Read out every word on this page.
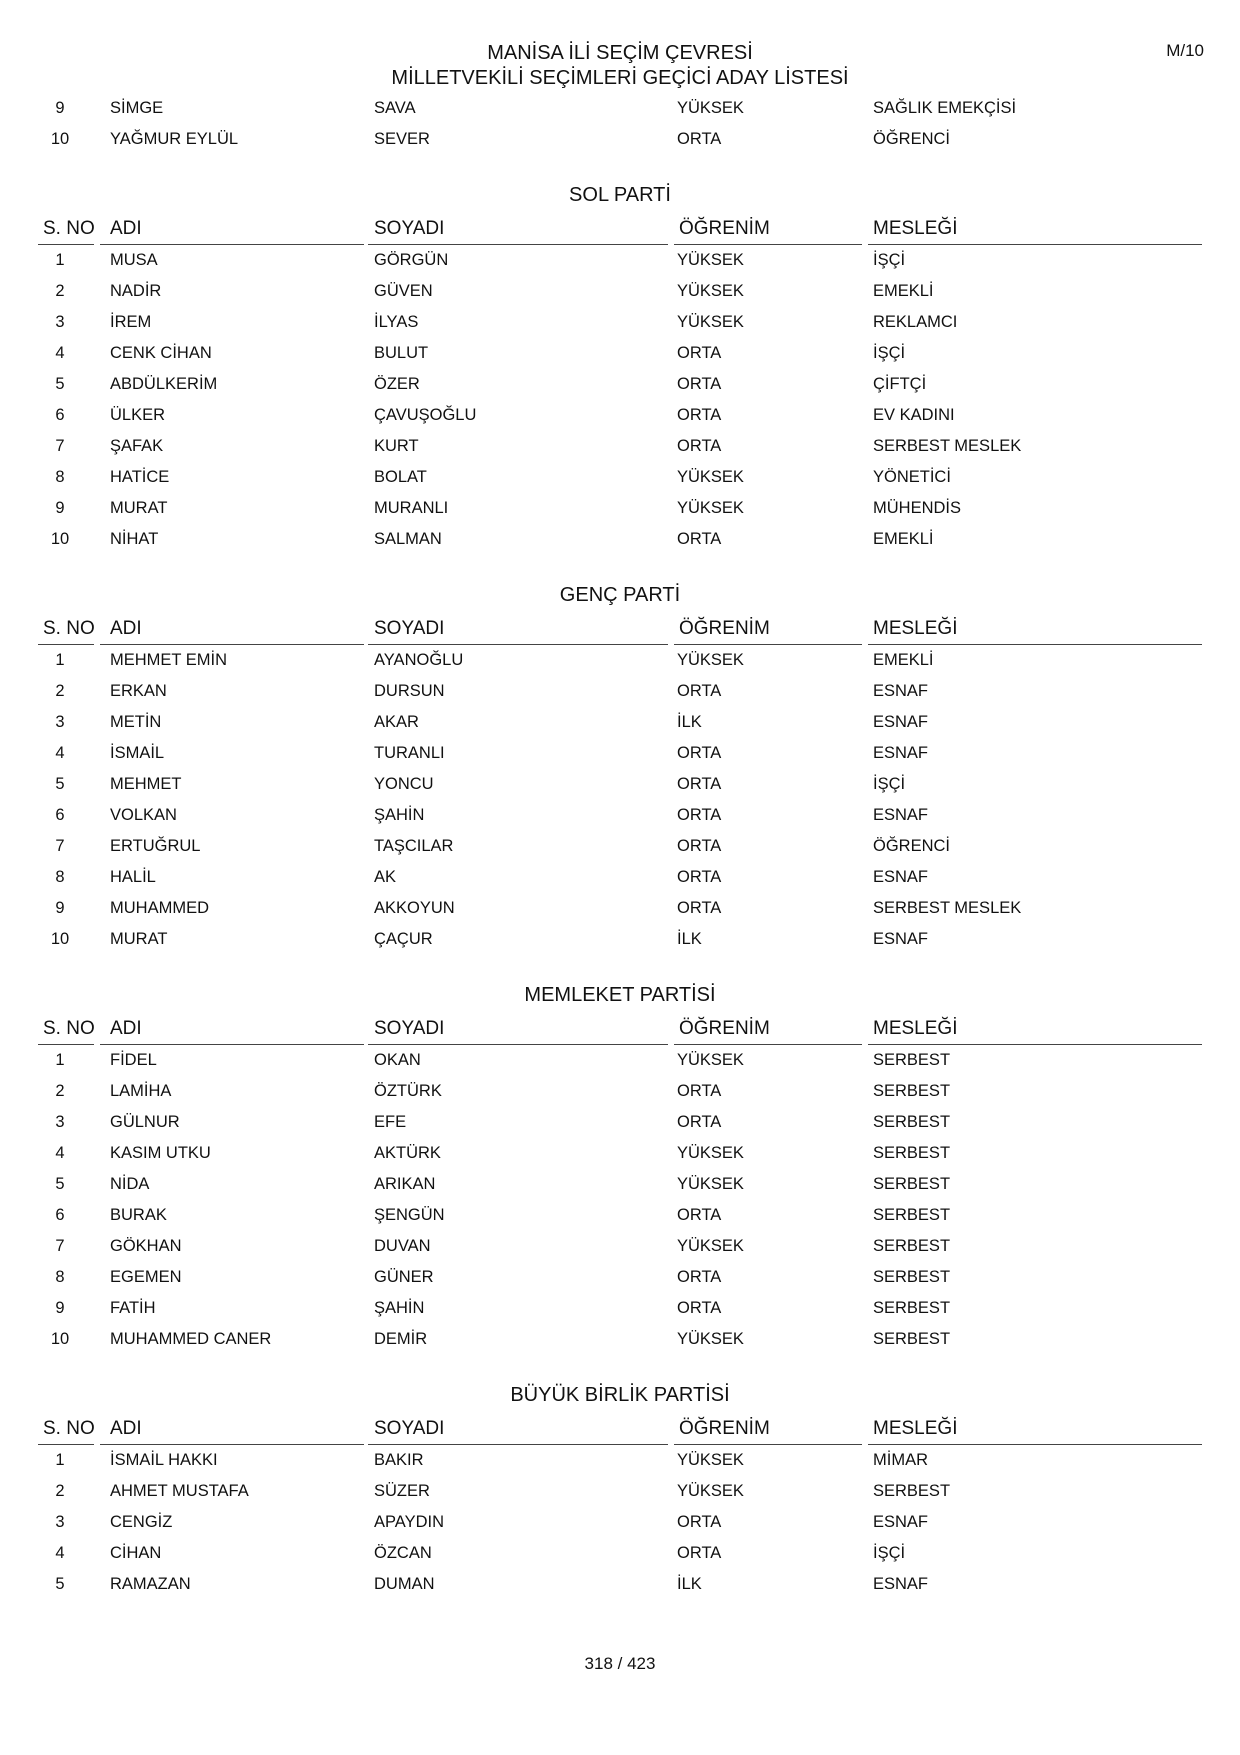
MANİSA İLİ SEÇİM ÇEVRESİ
MİLLETVEKİLİ SEÇİMLERİ GEÇİCİ ADAY LİSTESİ
M/10
9	SİMGE	SAVA	YÜKSEK	SAĞLIK EMEKÇİSİ
10	YAĞMUR EYLÜL	SEVER	ORTA	ÖĞRENCİ
SOL PARTİ
S. NO ADI	SOYADI	ÖĞRENİM	MESLEĞİ
1	MUSA	GÖRGÜN	YÜKSEK	İŞÇİ
2	NADİR	GÜVEN	YÜKSEK	EMEKLİ
3	İREM	İLYAS	YÜKSEK	REKLAMCI
4	CENK CİHAN	BULUT	ORTA	İŞÇİ
5	ABDÜLKERİM	ÖZER	ORTA	ÇİFTÇİ
6	ÜLKER	ÇAVUŞOĞLU	ORTA	EV KADINI
7	ŞAFAK	KURT	ORTA	SERBEST MESLEK
8	HATİCE	BOLAT	YÜKSEK	YÖNETİCİ
9	MURAT	MURANLI	YÜKSEK	MÜHENDİS
10	NİHAT	SALMAN	ORTA	EMEKLİ
GENÇ PARTİ
S. NO ADI	SOYADI	ÖĞRENİM	MESLEĞİ
1	MEHMET EMİN	AYANOĞLU	YÜKSEK	EMEKLİ
2	ERKAN	DURSUN	ORTA	ESNAF
3	METİN	AKAR	İLK	ESNAF
4	İSMAİL	TURANLI	ORTA	ESNAF
5	MEHMET	YONCU	ORTA	İŞÇİ
6	VOLKAN	ŞAHİN	ORTA	ESNAF
7	ERTUĞRUL	TAŞCILAR	ORTA	ÖĞRENCİ
8	HALİL	AK	ORTA	ESNAF
9	MUHAMMED	AKKOYUN	ORTA	SERBEST MESLEK
10	MURAT	ÇAÇUR	İLK	ESNAF
MEMLEKET PARTİSİ
S. NO ADI	SOYADI	ÖĞRENİM	MESLEĞİ
1	FİDEL	OKAN	YÜKSEK	SERBEST
2	LAMİHA	ÖZTÜRK	ORTA	SERBEST
3	GÜLNUR	EFE	ORTA	SERBEST
4	KASIM UTKU	AKTÜRK	YÜKSEK	SERBEST
5	NİDA	ARIKAN	YÜKSEK	SERBEST
6	BURAK	ŞENGÜN	ORTA	SERBEST
7	GÖKHAN	DUVAN	YÜKSEK	SERBEST
8	EGEMEN	GÜNER	ORTA	SERBEST
9	FATİH	ŞAHİN	ORTA	SERBEST
10	MUHAMMED CANER	DEMİR	YÜKSEK	SERBEST
BÜYÜK BİRLİK PARTİSİ
S. NO ADI	SOYADI	ÖĞRENİM	MESLEĞİ
1	İSMAİL HAKKI	BAKIR	YÜKSEK	MİMAR
2	AHMET MUSTAFA	SÜZER	YÜKSEK	SERBEST
3	CENGİZ	APAYDIN	ORTA	ESNAF
4	CİHAN	ÖZCAN	ORTA	İŞÇİ
5	RAMAZAN	DUMAN	İLK	ESNAF
318 / 423
